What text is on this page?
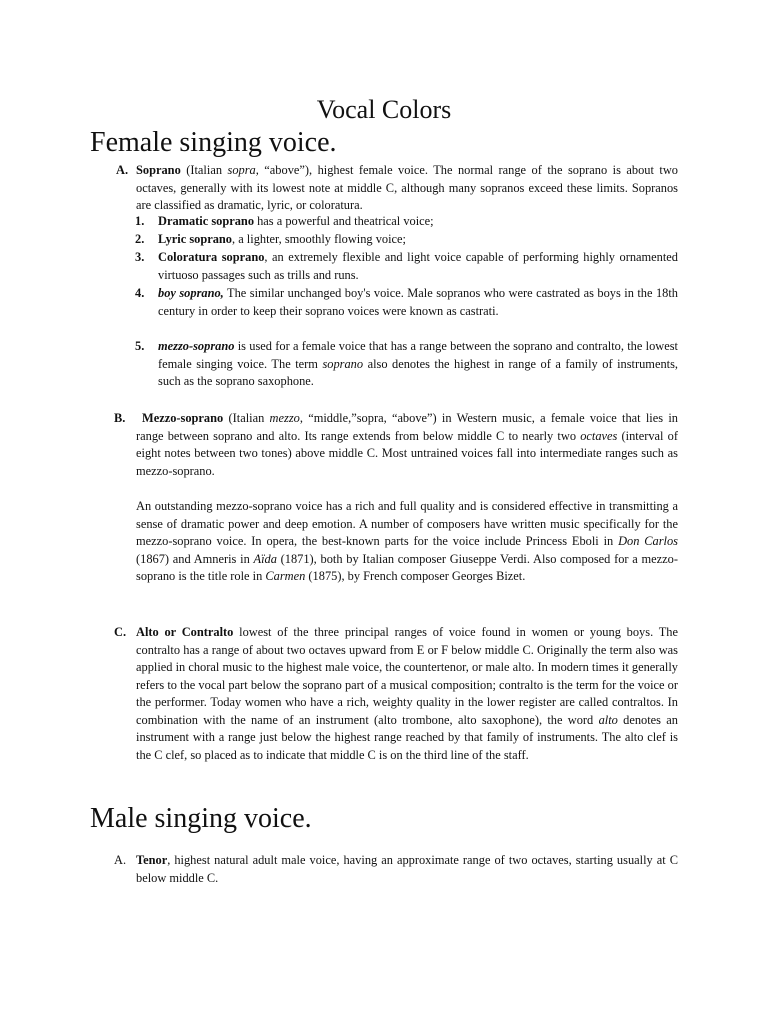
Vocal Colors
Female singing voice.
A. Soprano (Italian sopra, “above”), highest female voice. The normal range of the soprano is about two octaves, generally with its lowest note at middle C, although many sopranos exceed these limits. Sopranos are classified as dramatic, lyric, or coloratura.

1. Dramatic soprano has a powerful and theatrical voice;

2. Lyric soprano, a lighter, smoothly flowing voice;

3. Coloratura soprano, an extremely flexible and light voice capable of performing highly ornamented virtuoso passages such as trills and runs.

4. boy soprano, The similar unchanged boy's voice. Male sopranos who were castrated as boys in the 18th century in order to keep their soprano voices were known as castrati.

5. mezzo-soprano is used for a female voice that has a range between the soprano and contralto, the lowest female singing voice. The term soprano also denotes the highest in range of a family of instruments, such as the soprano saxophone.

B.	Mezzo-soprano (Italian mezzo, “middle,”sopra, “above”) in Western music, a female voice that lies in range between soprano and alto. Its range extends from below middle C to nearly two octaves (interval of eight notes between two tones) above middle C. Most untrained voices fall into intermediate ranges such as mezzo-soprano.

An outstanding mezzo-soprano voice has a rich and full quality and is considered effective in transmitting a sense of dramatic power and deep emotion. A number of composers have written music specifically for the mezzo-soprano voice. In opera, the best-known parts for the voice include Princess Eboli in Don Carlos (1867) and Amneris in Aïda (1871), both by Italian composer Giuseppe Verdi. Also composed for a mezzo-soprano is the title role in Carmen (1875), by French composer Georges Bizet.

C. Alto or Contralto lowest of the three principal ranges of voice found in women or young boys. The contralto has a range of about two octaves upward from E or F below middle C. Originally the term also was applied in choral music to the highest male voice, the countertenor, or male alto. In modern times it generally refers to the vocal part below the soprano part of a musical composition; contralto is the term for the voice or the performer. Today women who have a rich, weighty quality in the lower register are called contraltos. In combination with the name of an instrument (alto trombone, alto saxophone), the word alto denotes an instrument with a range just below the highest range reached by that family of instruments. The alto clef is the C clef, so placed as to indicate that middle C is on the third line of the staff.

Male singing voice.
A. Tenor, highest natural adult male voice, having an approximate range of two octaves, starting usually at C below middle C.
